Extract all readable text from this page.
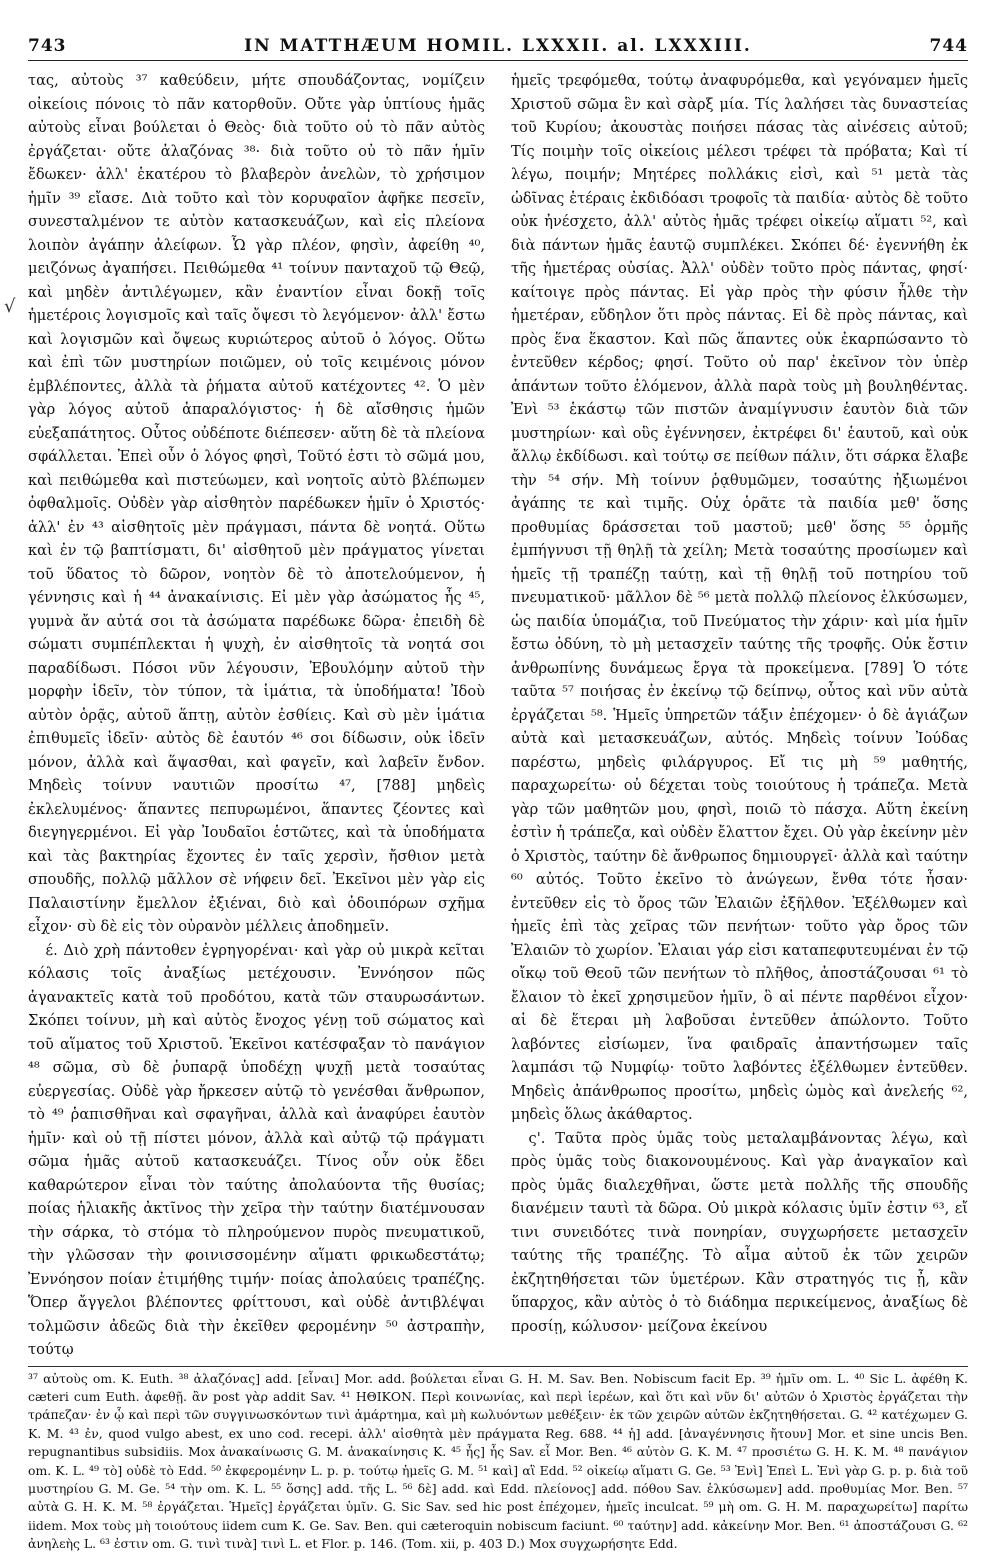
743	IN MATTHÆUM HOMIL. LXXXII. al. LXXXIII.	744
√

τας, αὐτοὺς ³⁷ καθεύδειν, μήτε σπουδάζοντας, νομίζειν οἰκείοις πόνοις τὸ πᾶν κατορθοῦν. Οὔτε γὰρ ὑπτίους ἡμᾶς αὐτοὺς εἶναι βούλεται ὁ Θεὸς· διὰ τοῦτο οὐ τὸ πᾶν αὐτὸς ἐργάζεται· οὔτε ἀλαζόνας ³⁸· διὰ τοῦτο οὐ τὸ πᾶν ἡμῖν ἔδωκεν· ἀλλ' ἑκατέρου τὸ βλαβερὸν ἀνελὼν, τὸ χρήσιμον ἡμῖν ³⁹ εἴασε. Διὰ τοῦτο καὶ τὸν κορυφαῖον ἀφῆκε πεσεῖν, συνεσταλμένον τε αὐτὸν κατασκευάζων, καὶ εἰς πλείονα λοιπὸν ἀγάπην ἀλείφων. Ὧ γὰρ πλέον, φησὶν, ἀφείθη ⁴⁰, μειζόνως ἀγαπήσει. Πειθώμεθα ⁴¹ τοίνυν πανταχοῦ τῷ Θεῷ, καὶ μηδὲν ἀντιλέγωμεν, κἂν ἐναντίον εἶναι δοκῇ τοῖς ἡμετέροις λογισμοῖς καὶ ταῖς ὄψεσι τὸ λεγόμενον· ἀλλ' ἔστω καὶ λογισμῶν καὶ ὄψεως κυριώτερος αὐτοῦ ὁ λόγος. Οὕτω καὶ ἐπὶ τῶν μυστηρίων ποιῶμεν, οὐ τοῖς κειμένοις μόνον ἐμβλέποντες, ἀλλὰ τὰ ῥήματα αὐτοῦ κατέχοντες ⁴². Ὁ μὲν γὰρ λόγος αὐτοῦ ἀπαραλόγιστος· ἡ δὲ αἴσθησις ἡμῶν εὐεξαπάτητος. Οὗτος οὐδέποτε διέπεσεν· αὕτη δὲ τὰ πλείονα σφάλλεται. Ἐπεὶ οὖν ὁ λόγος φησὶ, Τοῦτό ἐστι τὸ σῶμά μου, καὶ πειθώμεθα καὶ πιστεύωμεν, καὶ νοητοῖς αὐτὸ βλέπωμεν ὀφθαλμοῖς. Οὐδὲν γὰρ αἰσθητὸν παρέδωκεν ἡμῖν ὁ Χριστός· ἀλλ' ἐν ⁴³ αἰσθητοῖς μὲν πράγμασι, πάντα δὲ νοητά. Οὕτω καὶ ἐν τῷ βαπτίσματι, δι' αἰσθητοῦ μὲν πράγματος γίνεται τοῦ ὕδατος τὸ δῶρον, νοητὸν δὲ τὸ ἀποτελούμενον, ἡ γέννησις καὶ ἡ ⁴⁴ ἀνακαίνισις. Εἰ μὲν γὰρ ἀσώματος ἦς ⁴⁵, γυμνὰ ἄν αὐτά σοι τὰ ἀσώματα παρέδωκε δῶρα· ἐπειδὴ δὲ σώματι συμπέπλεκται ἡ ψυχὴ, ἐν αἰσθητοῖς τὰ νοητά σοι παραδίδωσι. Πόσοι νῦν λέγουσιν, Ἐβουλόμην αὐτοῦ τὴν μορφὴν ἰδεῖν, τὸν τύπον, τὰ ἱμάτια, τὰ ὑποδήματα! Ἰδοὺ αὐτὸν ὁρᾷς, αὐτοῦ ἅπτῃ, αὐτὸν ἐσθίεις. Καὶ σὺ μὲν ἱμάτια ἐπιθυμεῖς ἰδεῖν· αὐτὸς δὲ ἑαυτόν ⁴⁶ σοι δίδωσιν, οὐκ ἰδεῖν μόνον, ἀλλὰ καὶ ἅψασθαι, καὶ φαγεῖν, καὶ λαβεῖν ἔνδον. Μηδεὶς τοίνυν ναυτιῶν προσίτω ⁴⁷, [788] μηδεὶς ἐκλελυμένος· ἅπαντες πεπυρωμένοι, ἅπαντες ζέοντες καὶ διεγηγερμένοι. Εἰ γὰρ Ἰουδαῖοι ἑστῶτες, καὶ τὰ ὑποδήματα καὶ τὰς βακτηρίας ἔχοντες ἐν ταῖς χερσὶν, ἤσθιον μετὰ σπουδῆς, πολλῷ μᾶλλον σὲ νήφειν δεῖ. Ἐκεῖνοι μὲν γὰρ εἰς Παλαιστίνην ἔμελλον ἐξιέναι, διὸ καὶ ὁδοιπόρων σχῆμα εἶχον· σὺ δὲ εἰς τὸν οὐρανὸν μέλλεις ἀποδημεῖν.

έ. Διὸ χρὴ πάντοθεν ἐγρηγορέναι· καὶ γὰρ οὐ μικρὰ κεῖται κόλασις τοῖς ἀναξίως μετέχουσιν. Ἐννόησον πῶς ἀγανακτεῖς κατὰ τοῦ προδότου, κατὰ τῶν σταυρωσάντων. Σκόπει τοίνυν, μὴ καὶ αὐτὸς ἔνοχος γένῃ τοῦ σώματος καὶ τοῦ αἵματος τοῦ Χριστοῦ. Ἐκεῖνοι κατέσφαξαν τὸ πανάγιον ⁴⁸ σῶμα, σὺ δὲ ῥυπαρᾷ ὑποδέχῃ ψυχῇ μετὰ τοσαύτας εὐεργεσίας. Οὐδὲ γὰρ ἤρκεσεν αὐτῷ τὸ γενέσθαι ἄνθρωπον, τὸ ⁴⁹ ῥαπισθῆναι καὶ σφαγῆναι, ἀλλὰ καὶ ἀναφύρει ἑαυτὸν ἡμῖν· καὶ οὐ τῇ πίστει μόνον, ἀλλὰ καὶ αὐτῷ τῷ πράγματι σῶμα ἡμᾶς αὐτοῦ κατασκευάζει. Τίνος οὖν οὐκ ἔδει καθαρώτερον εἶναι τὸν ταύτης ἀπολαύοντα τῆς θυσίας; ποίας ἡλιακῆς ἀκτῖνος τὴν χεῖρα τὴν ταύτην διατέμνουσαν τὴν σάρκα, τὸ στόμα τὸ πληρούμενον πυρὸς πνευματικοῦ, τὴν γλῶσσαν τὴν φοινισσομένην αἵματι φρικωδεστάτῳ; Ἐννόησον ποίαν ἐτιμήθης τιμήν· ποίας ἀπολαύεις τραπέζης. Ὅπερ ἄγγελοι βλέποντες φρίττουσι, καὶ οὐδὲ ἀντιβλέψαι τολμῶσιν ἀδεῶς διὰ τὴν ἐκεῖθεν φερομένην ⁵⁰ ἀστραπὴν, τούτῳ

ἡμεῖς τρεφόμεθα, τούτῳ ἀναφυρόμεθα, καὶ γεγόναμεν ἡμεῖς Χριστοῦ σῶμα ἓν καὶ σὰρξ μία. Τίς λαλήσει τὰς δυναστείας τοῦ Κυρίου; ἀκουστὰς ποιήσει πάσας τὰς αἰνέσεις αὐτοῦ; Τίς ποιμὴν τοῖς οἰκείοις μέλεσι τρέφει τὰ πρόβατα; Καὶ τί λέγω, ποιμήν; Μητέρες πολλάκις εἰσὶ, καὶ ⁵¹ μετὰ τὰς ὠδῖνας ἑτέραις ἐκδιδόασι τροφοῖς τὰ παιδία· αὐτὸς δὲ τοῦτο οὐκ ἠνέσχετο, ἀλλ' αὐτὸς ἡμᾶς τρέφει οἰκείῳ αἵματι ⁵², καὶ διὰ πάντων ἡμᾶς ἑαυτῷ συμπλέκει. Σκόπει δέ· ἐγεννήθη ἐκ τῆς ἡμετέρας οὐσίας. Ἀλλ' οὐδὲν τοῦτο πρὸς πάντας, φησί· καίτοιγε πρὸς πάντας. Εἰ γὰρ πρὸς τὴν φύσιν ἦλθε τὴν ἡμετέραν, εὔδηλον ὅτι πρὸς πάντας. Εἰ δὲ πρὸς πάντας, καὶ πρὸς ἕνα ἕκαστον. Καὶ πῶς ἅπαντες οὐκ ἐκαρπώσαντο τὸ ἐντεῦθεν κέρδος; φησί. Τοῦτο οὐ παρ' ἐκεῖνον τὸν ὑπὲρ ἁπάντων τοῦτο ἑλόμενον, ἀλλὰ παρὰ τοὺς μὴ βουληθέντας. Ἐνὶ ⁵³ ἑκάστῳ τῶν πιστῶν ἀναμίγνυσιν ἑαυτὸν διὰ τῶν μυστηρίων· καὶ οὓς ἐγέννησεν, ἐκτρέφει δι' ἑαυτοῦ, καὶ οὐκ ἄλλῳ ἐκδίδωσι. καὶ τούτῳ σε πείθων πάλιν, ὅτι σάρκα ἔλαβε τὴν ⁵⁴ σήν. Μὴ τοίνυν ῥᾳθυμῶμεν, τοσαύτης ἠξιωμένοι ἀγάπης τε καὶ τιμῆς. Οὐχ ὁρᾶτε τὰ παιδία μεθ' ὅσης προθυμίας δράσσεται τοῦ μαστοῦ; μεθ' ὅσης ⁵⁵ ὁρμῆς ἐμπήγνυσι τῇ θηλῇ τὰ χείλη; Μετὰ τοσαύτης προσίωμεν καὶ ἡμεῖς τῇ τραπέζῃ ταύτῃ, καὶ τῇ θηλῇ τοῦ ποτηρίου τοῦ πνευματικοῦ· μᾶλλον δὲ ⁵⁶ μετὰ πολλῷ πλείονος ἑλκύσωμεν, ὡς παιδία ὑπομάζια, τοῦ Πνεύματος τὴν χάριν· καὶ μία ἡμῖν ἔστω ὀδύνη, τὸ μὴ μετασχεῖν ταύτης τῆς τροφῆς. Οὐκ ἔστιν ἀνθρωπίνης δυνάμεως ἔργα τὰ προκείμενα. [789] Ὁ τότε ταῦτα ⁵⁷ ποιήσας ἐν ἐκείνῳ τῷ δείπνῳ, οὗτος καὶ νῦν αὐτὰ ἐργάζεται ⁵⁸. Ἡμεῖς ὑπηρετῶν τάξιν ἐπέχομεν· ὁ δὲ ἁγιάζων αὐτὰ καὶ μετασκευάζων, αὐτός. Μηδεὶς τοίνυν Ἰούδας παρέστω, μηδεὶς φιλάργυρος. Εἴ τις μὴ ⁵⁹ μαθητής, παραχωρείτω· οὐ δέχεται τοὺς τοιούτους ἡ τράπεζα. Μετὰ γὰρ τῶν μαθητῶν μου, φησὶ, ποιῶ τὸ πάσχα. Αὕτη ἐκείνη ἐστὶν ἡ τράπεζα, καὶ οὐδὲν ἔλαττον ἔχει. Οὐ γὰρ ἐκείνην μὲν ὁ Χριστὸς, ταύτην δὲ ἄνθρωπος δημιουργεῖ· ἀλλὰ καὶ ταύτην ⁶⁰ αὐτός. Τοῦτο ἐκεῖνο τὸ ἀνώγεων, ἔνθα τότε ἦσαν· ἐντεῦθεν εἰς τὸ ὄρος τῶν Ἐλαιῶν ἐξῆλθον. Ἐξέλθωμεν καὶ ἡμεῖς ἐπὶ τὰς χεῖρας τῶν πενήτων· τοῦτο γὰρ ὄρος τῶν Ἐλαιῶν τὸ χωρίον. Ἐλαιαι γάρ εἰσι καταπεφυτευμέναι ἐν τῷ οἴκῳ τοῦ Θεοῦ τῶν πενήτων τὸ πλῆθος, ἀποστάζουσαι ⁶¹ τὸ ἔλαιον τὸ ἐκεῖ χρησιμεῦον ἡμῖν, ὃ αἱ πέντε παρθένοι εἶχον· αἱ δὲ ἕτεραι μὴ λαβοῦσαι ἐντεῦθεν ἀπώλοντο. Τοῦτο λαβόντες εἰσίωμεν, ἵνα φαιδραῖς ἀπαντήσωμεν ταῖς λαμπάσι τῷ Νυμφίῳ· τοῦτο λαβόντες ἐξέλθωμεν ἐντεῦθεν. Μηδεὶς ἀπάνθρωπος προσίτω, μηδεὶς ὠμὸς καὶ ἀνελεής ⁶², μηδεὶς ὅλως ἀκάθαρτος.

ς'. Ταῦτα πρὸς ὑμᾶς τοὺς μεταλαμβάνοντας λέγω, καὶ πρὸς ὑμᾶς τοὺς διακονουμένους. Καὶ γὰρ ἀναγκαῖον καὶ πρὸς ὑμᾶς διαλεχθῆναι, ὥστε μετὰ πολλῆς τῆς σπουδῆς διανέμειν ταυτὶ τὰ δῶρα. Οὐ μικρὰ κόλασις ὑμῖν ἐστιν ⁶³, εἴ τινι συνειδότες τινὰ πονηρίαν, συγχωρήσετε μετασχεῖν ταύτης τῆς τραπέζης. Τὸ αἷμα αὐτοῦ ἐκ τῶν χειρῶν ἐκζητηθήσεται τῶν ὑμετέρων. Κἂν στρατηγός τις ᾖ, κἂν ὕπαρχος, κἂν αὐτὸς ὁ τὸ διάδημα περικείμενος, ἀναξίως δὲ προσίῃ, κώλυσον· μείζονα ἐκείνου

³⁷ αὐτοὺς om. K. Euth. ³⁸ ἀλαζόνας] add. [εἶναι] Mor. add. βούλεται εἶναι G. H. M. Sav. Ben. Nobiscum facit Ep. ³⁹ ἡμῖν om. L. ⁴⁰ Sic L. ἀφέθη K. cæteri cum Euth. ἀφεθῇ. ἂν post γὰρ addit Sav. ⁴¹ ΗΘΙΚΟΝ. Περὶ κοινωνίας, καὶ περὶ ἱερέων, καὶ ὅτι καὶ νῦν δι' αὐτῶν ὁ Χριστὸς ἐργάζεται τὴν τράπεζαν· ἐν ᾧ καὶ περὶ τῶν συγγινωσκόντων τινὶ ἁμάρτημα, καὶ μὴ κωλυόντων μεθέξειν· ἐκ τῶν χειρῶν αὐτῶν ἐκζητηθήσεται. G. ⁴² κατέχωμεν G. K. M. ⁴³ ἐν, quod vulgo abest, ex uno cod. recepi. ἀλλ' αἰσθητὰ μὲν πράγματα Reg. 688. ⁴⁴ ἡ] add. [ἀναγέννησις ἤτουν] Mor. et sine uncis Ben. repugnantibus subsidiis. Mox ἀνακαίνωσις G. M. ἀνακαίνησις K. ⁴⁵ ἦς] ἧς Sav. εἶ Mor. Ben. ⁴⁶ αὐτὸν G. K. M. ⁴⁷ προσιέτω G. H. K. M. ⁴⁸ πανάγιον om. K. L. ⁴⁹ τὸ] οὐδὲ τὸ Edd. ⁵⁰ ἐκφερομένην L. p. p. τούτῳ ἡμεῖς G. M. ⁵¹ καὶ] αἳ Edd. ⁵² οἰκείῳ αἵματι G. Ge. ⁵³ Ἐνὶ] Ἐπεὶ L. Ἐνὶ γὰρ G. p. p. διὰ τοῦ μυστηρίου G. M. Ge. ⁵⁴ τὴν om. K. L. ⁵⁵ ὅσης] add. τῆς L. ⁵⁶ δὲ] add. καὶ Edd. πλείονος] add. πόθου Sav. ἑλκύσωμεν] add. προθυμίας Mor. Ben. ⁵⁷ αὐτὰ G. H. K. M. ⁵⁸ ἐργάζεται. Ἡμεῖς] ἐργάζεται ὑμῖν. G. Sic Sav. sed hic post ἐπέχομεν, ἡμεῖς inculcat. ⁵⁹ μὴ om. G. H. M. παραχωρείτω] παρίτω iidem. Mox τοὺς μὴ τοιούτους iidem cum K. Ge. Sav. Ben. qui cæteroquin nobiscum faciunt. ⁶⁰ ταύτην] add. κἀκείνην Mor. Ben. ⁶¹ ἀποστάζουσι G. ⁶² ἀνηλεὴς L. ⁶³ ἐστιν om. G. τινὶ τινὰ] τινὶ L. et Flor. p. 146. (Tom. xii, p. 403 D.) Mox συγχωρήσητε Edd.
